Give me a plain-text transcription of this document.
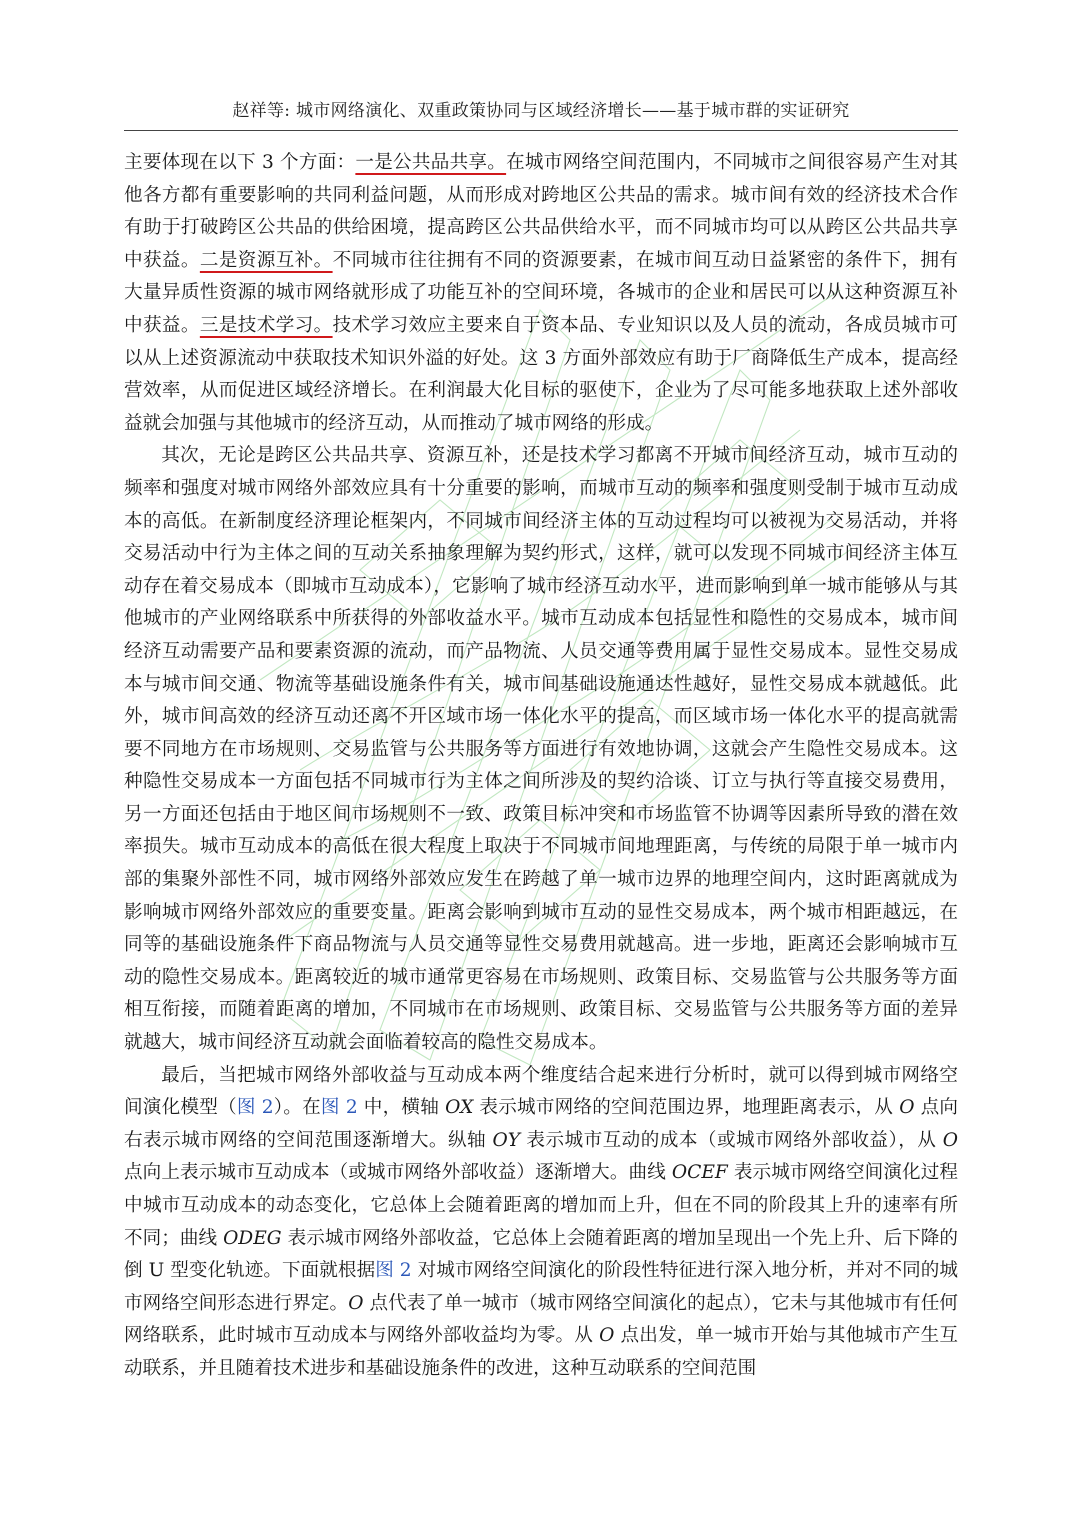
赵祥等: 城市网络演化、双重政策协同与区域经济增长——基于城市群的实证研究

主要体现在以下 3 个方面：一是公共品共享。在城市网络空间范围内，不同城市之间很容易产生对其他各方都有重要影响的共同利益问题，从而形成对跨地区公共品的需求。城市间有效的经济技术合作有助于打破跨区公共品的供给困境，提高跨区公共品供给水平，而不同城市均可以从跨区公共品共享中获益。二是资源互补。不同城市往往拥有不同的资源要素，在城市间互动日益紧密的条件下，拥有大量异质性资源的城市网络就形成了功能互补的空间环境，各城市的企业和居民可以从这种资源互补中获益。三是技术学习。技术学习效应主要来自于资本品、专业知识以及人员的流动，各成员城市可以从上述资源流动中获取技术知识外溢的好处。这 3 方面外部效应有助于厂商降低生产成本，提高经营效率，从而促进区域经济增长。在利润最大化目标的驱使下，企业为了尽可能多地获取上述外部收益就会加强与其他城市的经济互动，从而推动了城市网络的形成。

其次，无论是跨区公共品共享、资源互补，还是技术学习都离不开城市间经济互动，城市互动的频率和强度对城市网络外部效应具有十分重要的影响，而城市互动的频率和强度则受制于城市互动成本的高低。在新制度经济理论框架内，不同城市间经济主体的互动过程均可以被视为交易活动，并将交易活动中行为主体之间的互动关系抽象理解为契约形式，这样，就可以发现不同城市间经济主体互动存在着交易成本（即城市互动成本），它影响了城市经济互动水平，进而影响到单一城市能够从与其他城市的产业网络联系中所获得的外部收益水平。城市互动成本包括显性和隐性的交易成本，城市间经济互动需要产品和要素资源的流动，而产品物流、人员交通等费用属于显性交易成本。显性交易成本与城市间交通、物流等基础设施条件有关，城市间基础设施通达性越好，显性交易成本就越低。此外，城市间高效的经济互动还离不开区域市场一体化水平的提高，而区域市场一体化水平的提高就需要不同地方在市场规则、交易监管与公共服务等方面进行有效地协调，这就会产生隐性交易成本。这种隐性交易成本一方面包括不同城市行为主体之间所涉及的契约洽谈、订立与执行等直接交易费用，另一方面还包括由于地区间市场规则不一致、政策目标冲突和市场监管不协调等因素所导致的潜在效率损失。城市互动成本的高低在很大程度上取决于不同城市间地理距离，与传统的局限于单一城市内部的集聚外部性不同，城市网络外部效应发生在跨越了单一城市边界的地理空间内，这时距离就成为影响城市网络外部效应的重要变量。距离会影响到城市互动的显性交易成本，两个城市相距越远，在同等的基础设施条件下商品物流与人员交通等显性交易费用就越高。进一步地，距离还会影响城市互动的隐性交易成本。距离较近的城市通常更容易在市场规则、政策目标、交易监管与公共服务等方面相互衔接，而随着距离的增加，不同城市在市场规则、政策目标、交易监管与公共服务等方面的差异就越大，城市间经济互动就会面临着较高的隐性交易成本。

最后，当把城市网络外部收益与互动成本两个维度结合起来进行分析时，就可以得到城市网络空间演化模型（图 2）。在图 2 中，横轴 OX 表示城市网络的空间范围边界，地理距离表示，从 O 点向右表示城市网络的空间范围逐渐增大。纵轴 OY 表示城市互动的成本（或城市网络外部收益），从 O 点向上表示城市互动成本（或城市网络外部收益）逐渐增大。曲线 OCEF 表示城市网络空间演化过程中城市互动成本的动态变化，它总体上会随着距离的增加而上升，但在不同的阶段其上升的速率有所不同；曲线 ODEG 表示城市网络外部收益，它总体上会随着距离的增加呈现出一个先上升、后下降的倒 U 型变化轨迹。下面就根据图 2 对城市网络空间演化的阶段性特征进行深入地分析，并对不同的城市网络空间形态进行界定。O 点代表了单一城市（城市网络空间演化的起点），它未与其他城市有任何网络联系，此时城市互动成本与网络外部收益均为零。从 O 点出发，单一城市开始与其他城市产生互动联系，并且随着技术进步和基础设施条件的改进，这种互动联系的空间范围
